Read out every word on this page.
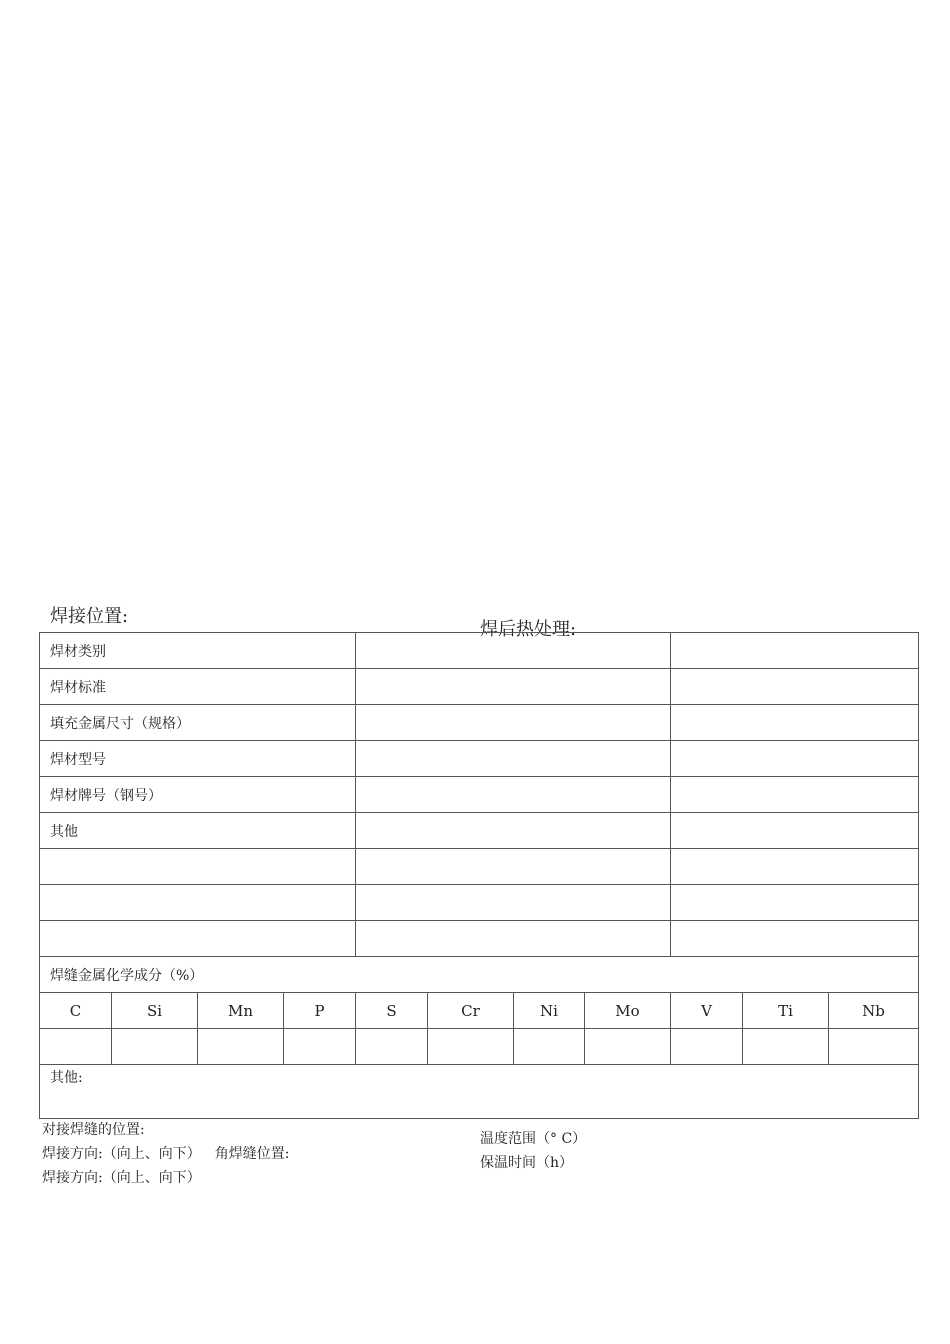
焊接位置:
焊后热处理:
焊材类别										
焊材标准										
填充金属尺寸（规格）										
焊材型号										
焊材牌号（钢号）										
其他										

焊缝金属化学成分（%）										
C	Si	Mn	P	S	Cr	Ni	Mo	V	Ti	Nb

其他:										
对接焊缝的位置:
焊接方向:（向上、向下） 角焊缝位置:
焊接方向:（向上、向下）
温度范围（° C）
保温时间（h）
